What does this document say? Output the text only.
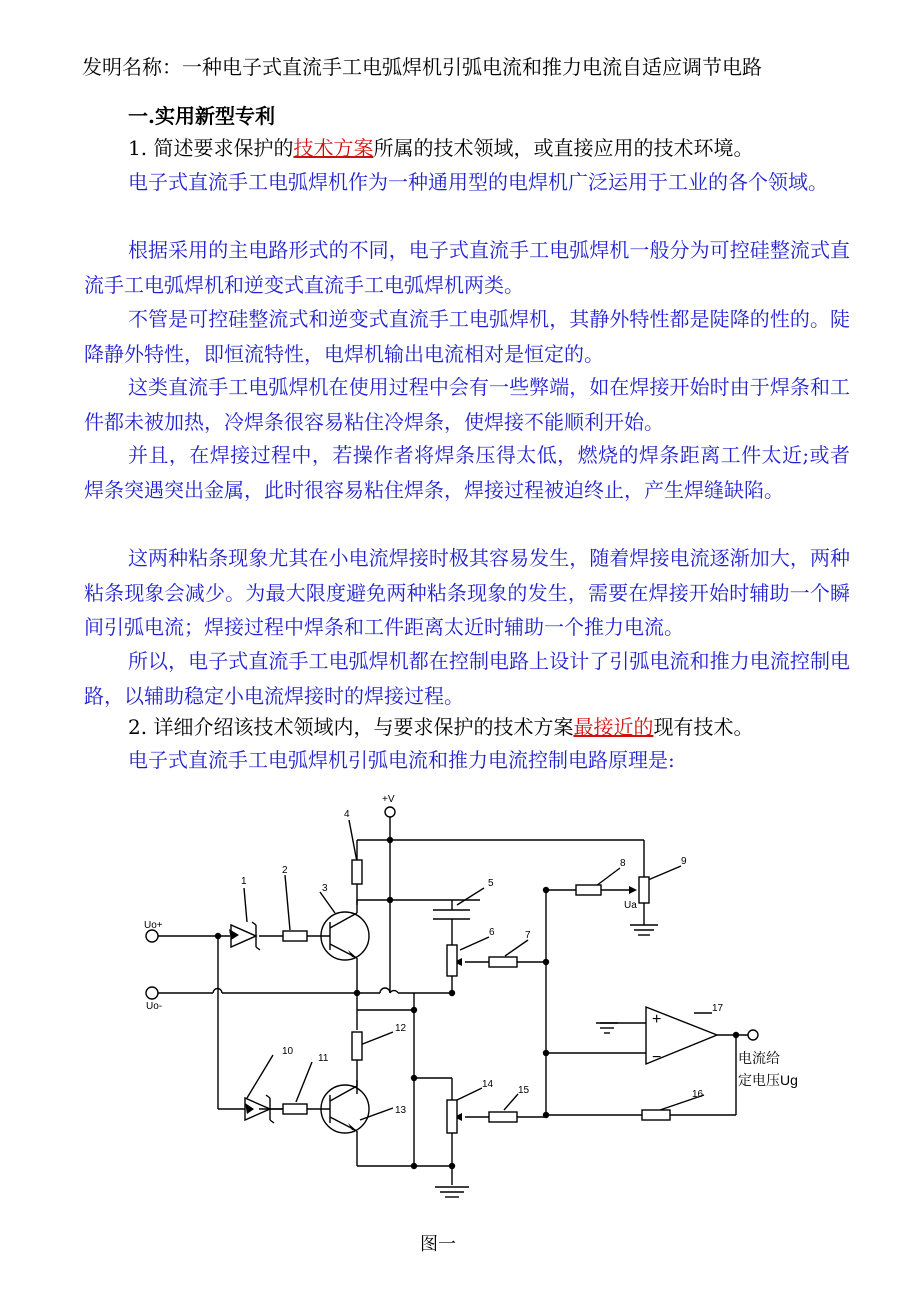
发明名称：一种电子式直流手工电弧焊机引弧电流和推力电流自适应调节电路
一.实用新型专利
1. 简述要求保护的技术方案所属的技术领域，或直接应用的技术环境。
电子式直流手工电弧焊机作为一种通用型的电焊机广泛运用于工业的各个领域。
根据采用的主电路形式的不同，电子式直流手工电弧焊机一般分为可控硅整流式直流手工电弧焊机和逆变式直流手工电弧焊机两类。
不管是可控硅整流式和逆变式直流手工电弧焊机，其静外特性都是陡降的性的。陡降静外特性，即恒流特性，电焊机输出电流相对是恒定的。
这类直流手工电弧焊机在使用过程中会有一些弊端，如在焊接开始时由于焊条和工件都未被加热，冷焊条很容易粘住冷焊条，使焊接不能顺利开始。
并且，在焊接过程中，若操作者将焊条压得太低，燃烧的焊条距离工件太近;或者焊条突遇突出金属，此时很容易粘住焊条，焊接过程被迫终止，产生焊缝缺陷。
这两种粘条现象尤其在小电流焊接时极其容易发生，随着焊接电流逐渐加大，两种粘条现象会减少。为最大限度避免两种粘条现象的发生，需要在焊接开始时辅助一个瞬间引弧电流；焊接过程中焊条和工件距离太近时辅助一个推力电流。
所以，电子式直流手工电弧焊机都在控制电路上设计了引弧电流和推力电流控制电路，以辅助稳定小电流焊接时的焊接过程。
2. 详细介绍该技术领域内，与要求保护的技术方案最接近的现有技术。
电子式直流手工电弧焊机引弧电流和推力电流控制电路原理是:
+V
Uo+
Uo-
Ua
+
−
1
2
3
4
5
6	7
8	9
10
11
12
13
14
15	16
17
电流给
定电压Ug
图一
